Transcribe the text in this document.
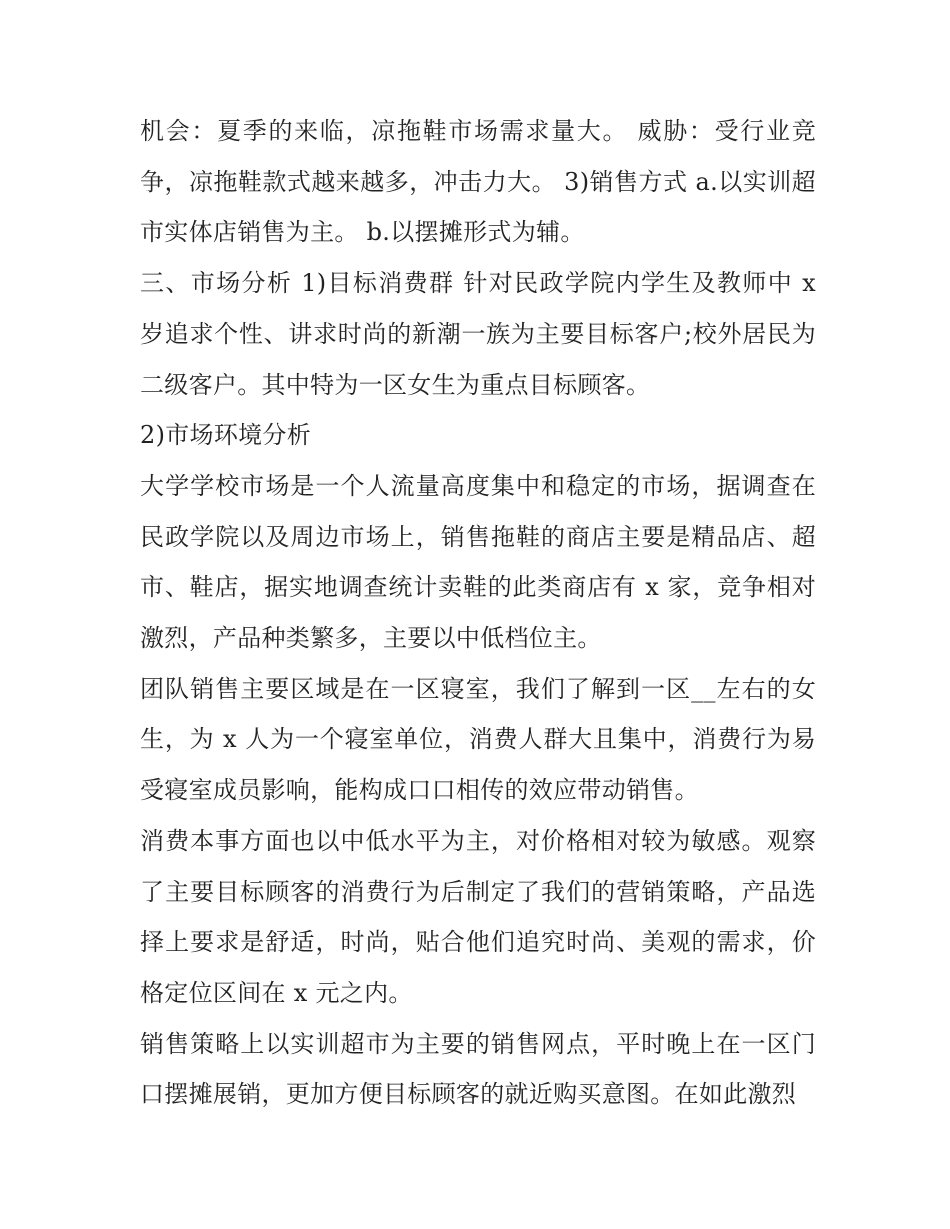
机会：夏季的来临，凉拖鞋市场需求量大。 威胁：受行业竞争，凉拖鞋款式越来越多，冲击力大。 3)销售方式 a.以实训超市实体店销售为主。 b.以摆摊形式为辅。

三、市场分析 1)目标消费群 针对民政学院内学生及教师中 x 岁追求个性、讲求时尚的新潮一族为主要目标客户;校外居民为二级客户。其中特为一区女生为重点目标顾客。

2)市场环境分析

大学学校市场是一个人流量高度集中和稳定的市场，据调查在民政学院以及周边市场上，销售拖鞋的商店主要是精品店、超市、鞋店，据实地调查统计卖鞋的此类商店有 x 家，竞争相对激烈，产品种类繁多，主要以中低档位主。

团队销售主要区域是在一区寝室，我们了解到一区__左右的女生，为 x 人为一个寝室单位，消费人群大且集中，消费行为易受寝室成员影响，能构成口口相传的效应带动销售。

消费本事方面也以中低水平为主，对价格相对较为敏感。观察了主要目标顾客的消费行为后制定了我们的营销策略，产品选择上要求是舒适，时尚，贴合他们追究时尚、美观的需求，价格定位区间在 x 元之内。

销售策略上以实训超市为主要的销售网点，平时晚上在一区门口摆摊展销，更加方便目标顾客的就近购买意图。在如此激烈
